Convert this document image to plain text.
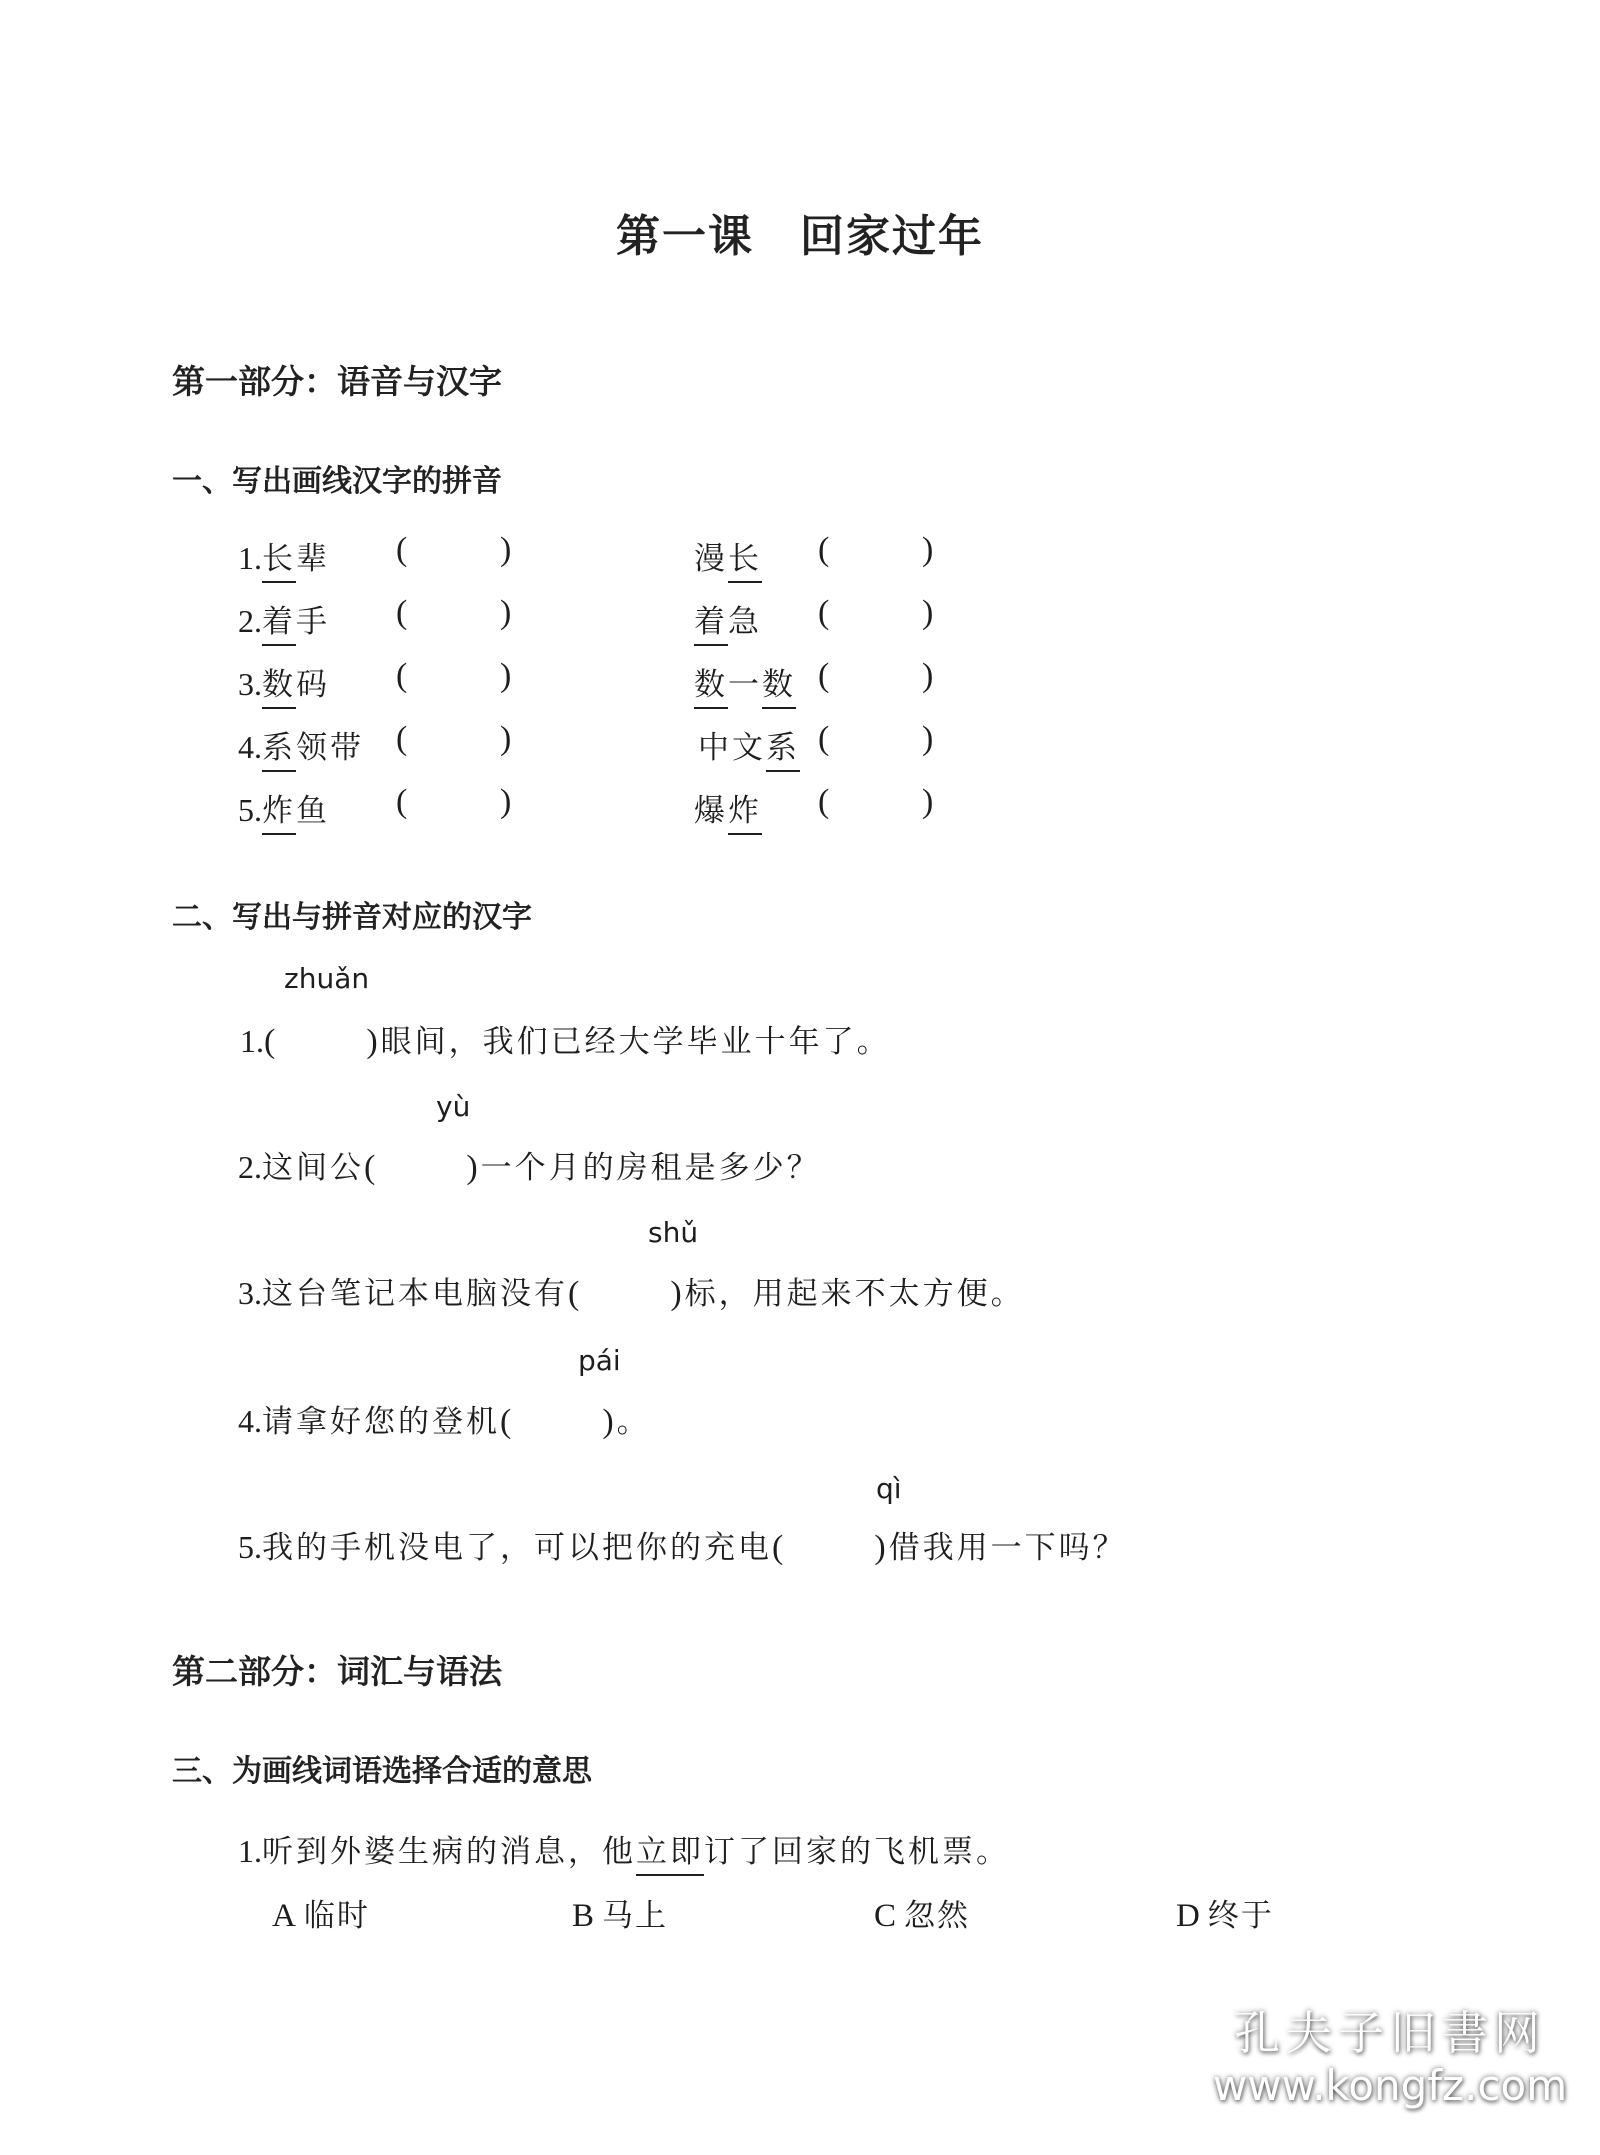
第一课 回家过年
第一部分：语音与汉字
一、写出画线汉字的拼音
1.长辈 (	)	漫长 (	)
2.着手 (	)	着急 (	)
3.数码 (	)	数一数 (	)
4.系领带 (	)	中文系 (	)
5.炸鱼 (	)	爆炸 (	)
二、写出与拼音对应的汉字
zhuǎn
1.(	)眼间，我们已经大学毕业十年了。
yù
2.这间公(	)一个月的房租是多少？
shǔ
3.这台笔记本电脑没有(	)标，用起来不太方便。
pái
4.请拿好您的登机(	)。
qì
5.我的手机没电了，可以把你的充电(	)借我用一下吗？
第二部分：词汇与语法
三、为画线词语选择合适的意思
1.听到外婆生病的消息，他立即订了回家的飞机票。
A 临时	B 马上	C 忽然	D 终于
孔夫子旧書网
www.kongfz.com
